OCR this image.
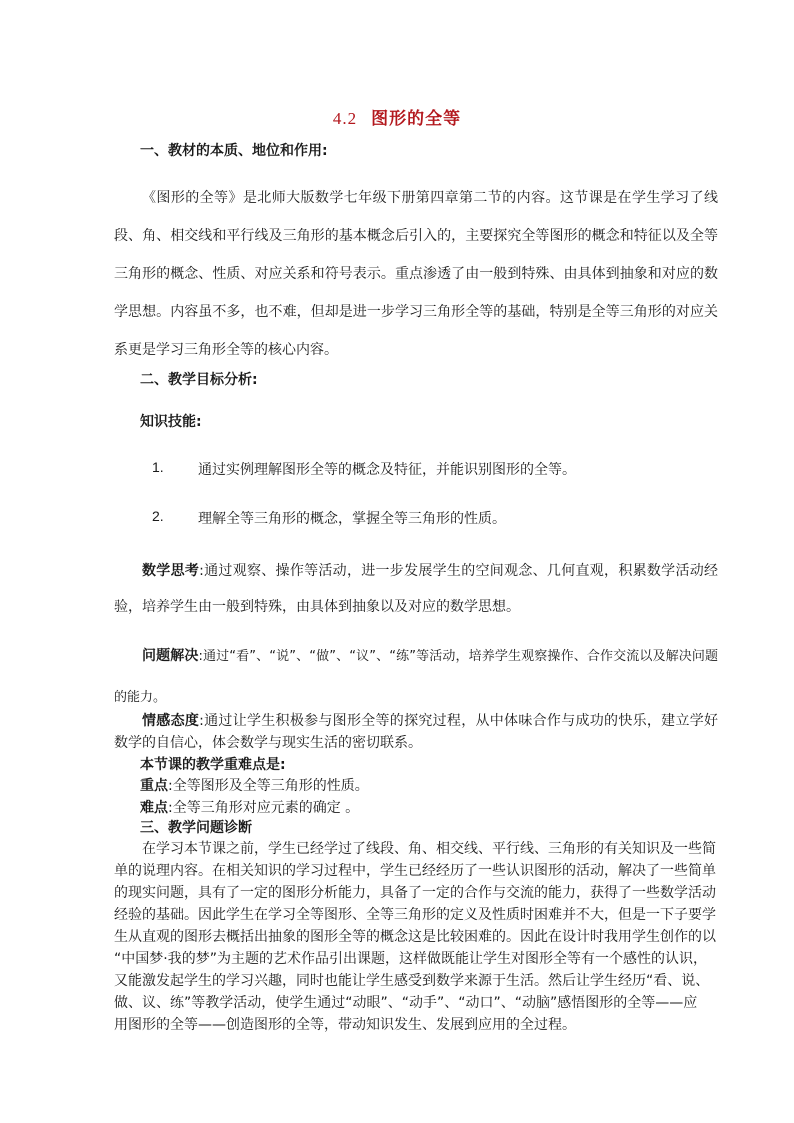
4.2 图形的全等
一、教材的本质、地位和作用:

《图形的全等》是北师大版数学七年级下册第四章第二节的内容。这节课是在学生学习了线段、角、相交线和平行线及三角形的基本概念后引入的，主要探究全等图形的概念和特征以及全等三角形的概念、性质、对应关系和符号表示。重点渗透了由一般到特殊、由具体到抽象和对应的数学思想。内容虽不多，也不难，但却是进一步学习三角形全等的基础，特别是全等三角形的对应关系更是学习三角形全等的核心内容。

二、教学目标分析:
知识技能:
1. 通过实例理解图形全等的概念及特征，并能识别图形的全等。
2. 理解全等三角形的概念，掌握全等三角形的性质。

数学思考:通过观察、操作等活动，进一步发展学生的空间观念、几何直观，积累数学活动经验，培养学生由一般到特殊，由具体到抽象以及对应的数学思想。

问题解决:通过“看”、“说”、“做”、“议”、“练”等活动，培养学生观察操作、合作交流以及解决问题的能力。

情感态度:通过让学生积极参与图形全等的探究过程，从中体味合作与成功的快乐，建立学好数学的自信心，体会数学与现实生活的密切联系。

本节课的教学重难点是:
重点:全等图形及全等三角形的性质。
难点:全等三角形对应元素的确定 。
三、教学问题诊断
在学习本节课之前，学生已经学过了线段、角、相交线、平行线、三角形的有关知识及一些简
单的说理内容。在相关知识的学习过程中，学生已经经历了一些认识图形的活动，解决了一些简单
的现实问题，具有了一定的图形分析能力，具备了一定的合作与交流的能力，获得了一些数学活动
经验的基础。因此学生在学习全等图形、全等三角形的定义及性质时困难并不大，但是一下子要学
生从直观的图形去概括出抽象的图形全等的概念这是比较困难的。因此在设计时我用学生创作的以
“中国梦·我的梦”为主题的艺术作品引出课题，这样做既能让学生对图形全等有一个感性的认识，
又能激发起学生的学习兴趣，同时也能让学生感受到数学来源于生活。然后让学生经历“看、说、
做、议、练”等教学活动，使学生通过“动眼”、“动手”、“动口”、“动脑”感悟图形的全等——应
用图形的全等——创造图形的全等，带动知识发生、发展到应用的全过程。
